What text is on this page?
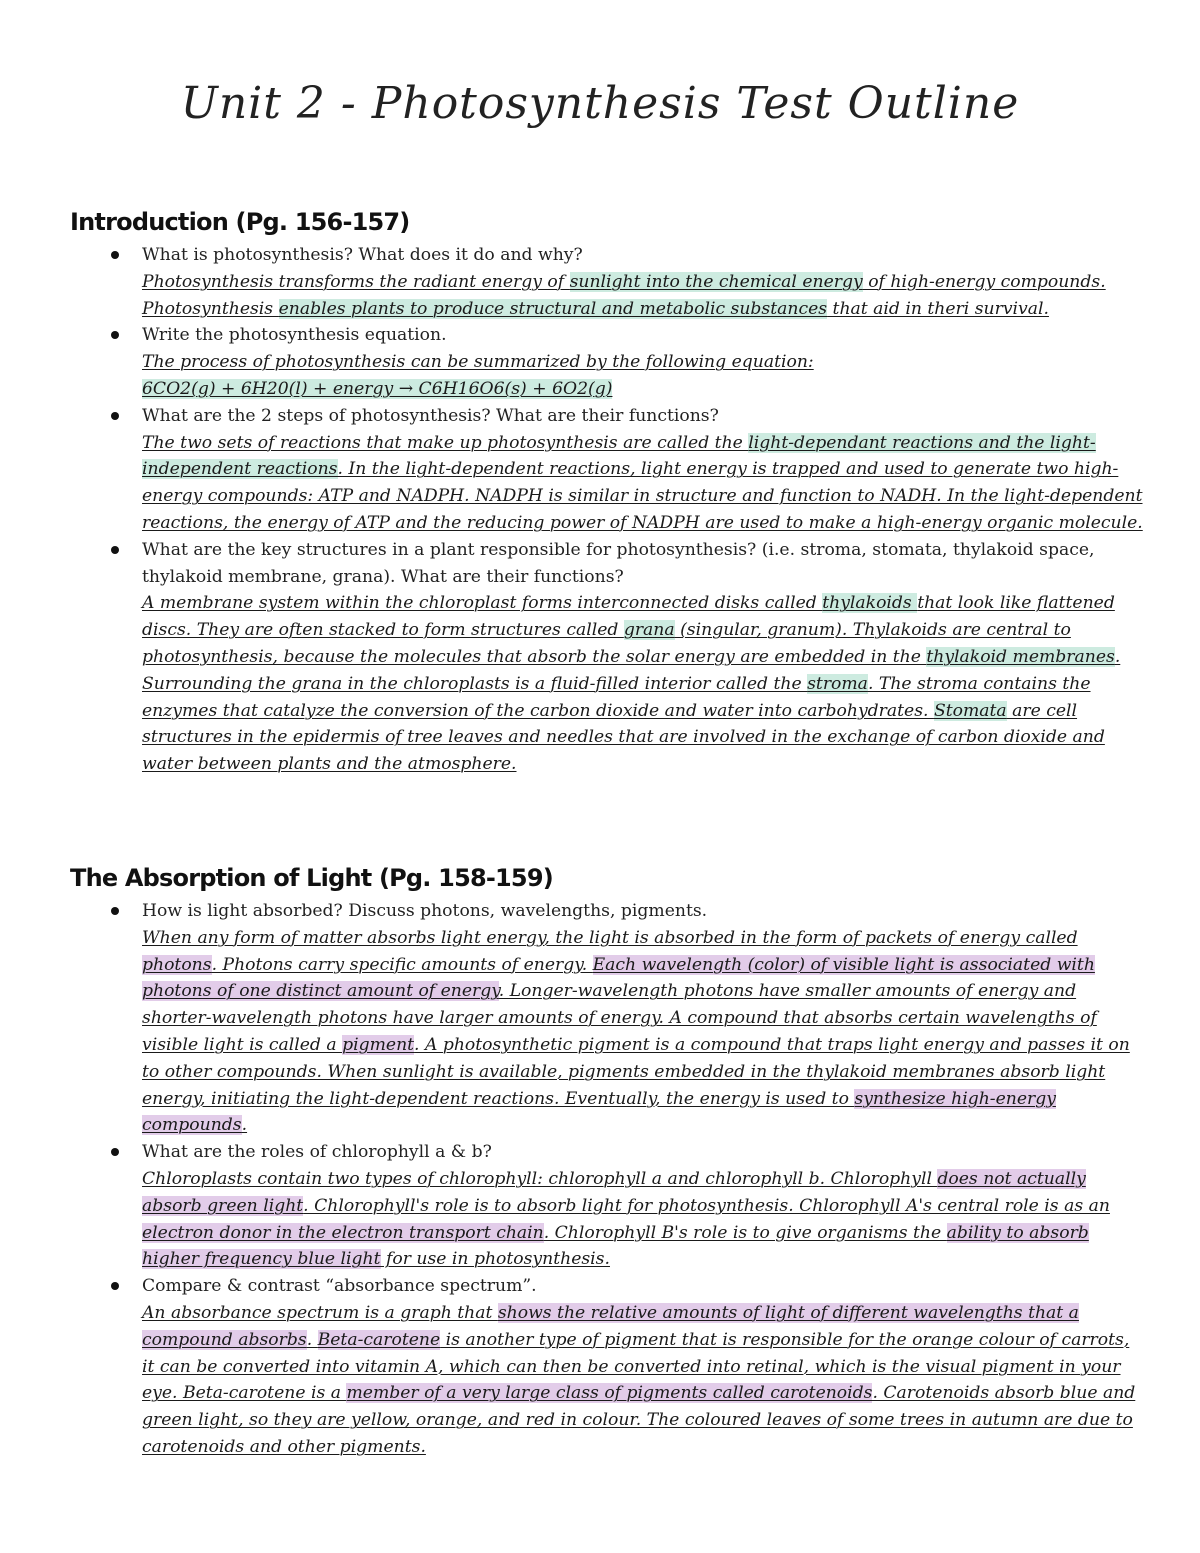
Unit 2 - Photosynthesis Test Outline
Introduction (Pg. 156-157)
What is photosynthesis? What does it do and why?
Photosynthesis transforms the radiant energy of sunlight into the chemical energy of high-energy compounds. Photosynthesis enables plants to produce structural and metabolic substances that aid in theri survival.
Write the photosynthesis equation.
The process of photosynthesis can be summarized by the following equation:
6CO2(g) + 6H20(l) + energy → C6H16O6(s) + 6O2(g)
What are the 2 steps of photosynthesis? What are their functions?
The two sets of reactions that make up photosynthesis are called the light-dependant reactions and the light-independent reactions. In the light-dependent reactions, light energy is trapped and used to generate two high-energy compounds: ATP and NADPH. NADPH is similar in structure and function to NADH. In the light-dependent reactions, the energy of ATP and the reducing power of NADPH are used to make a high-energy organic molecule.
What are the key structures in a plant responsible for photosynthesis? (i.e. stroma, stomata, thylakoid space, thylakoid membrane, grana). What are their functions?
A membrane system within the chloroplast forms interconnected disks called thylakoids that look like flattened discs. They are often stacked to form structures called grana (singular, granum). Thylakoids are central to photosynthesis, because the molecules that absorb the solar energy are embedded in the thylakoid membranes. Surrounding the grana in the chloroplasts is a fluid-filled interior called the stroma. The stroma contains the enzymes that catalyze the conversion of the carbon dioxide and water into carbohydrates. Stomata are cell structures in the epidermis of tree leaves and needles that are involved in the exchange of carbon dioxide and water between plants and the atmosphere.
The Absorption of Light (Pg. 158-159)
How is light absorbed? Discuss photons, wavelengths, pigments.
When any form of matter absorbs light energy, the light is absorbed in the form of packets of energy called photons. Photons carry specific amounts of energy. Each wavelength (color) of visible light is associated with photons of one distinct amount of energy. Longer-wavelength photons have smaller amounts of energy and shorter-wavelength photons have larger amounts of energy. A compound that absorbs certain wavelengths of visible light is called a pigment. A photosynthetic pigment is a compound that traps light energy and passes it on to other compounds. When sunlight is available, pigments embedded in the thylakoid membranes absorb light energy, initiating the light-dependent reactions. Eventually, the energy is used to synthesize high-energy compounds.
What are the roles of chlorophyll a & b?
Chloroplasts contain two types of chlorophyll: chlorophyll a and chlorophyll b. Chlorophyll does not actually absorb green light. Chlorophyll's role is to absorb light for photosynthesis. Chlorophyll A's central role is as an electron donor in the electron transport chain. Chlorophyll B's role is to give organisms the ability to absorb higher frequency blue light for use in photosynthesis.
Compare & contrast “absorbance spectrum”.
An absorbance spectrum is a graph that shows the relative amounts of light of different wavelengths that a compound absorbs. Beta-carotene is another type of pigment that is responsible for the orange colour of carrots, it can be converted into vitamin A, which can then be converted into retinal, which is the visual pigment in your eye. Beta-carotene is a member of a very large class of pigments called carotenoids. Carotenoids absorb blue and green light, so they are yellow, orange, and red in colour. The coloured leaves of some trees in autumn are due to carotenoids and other pigments.
